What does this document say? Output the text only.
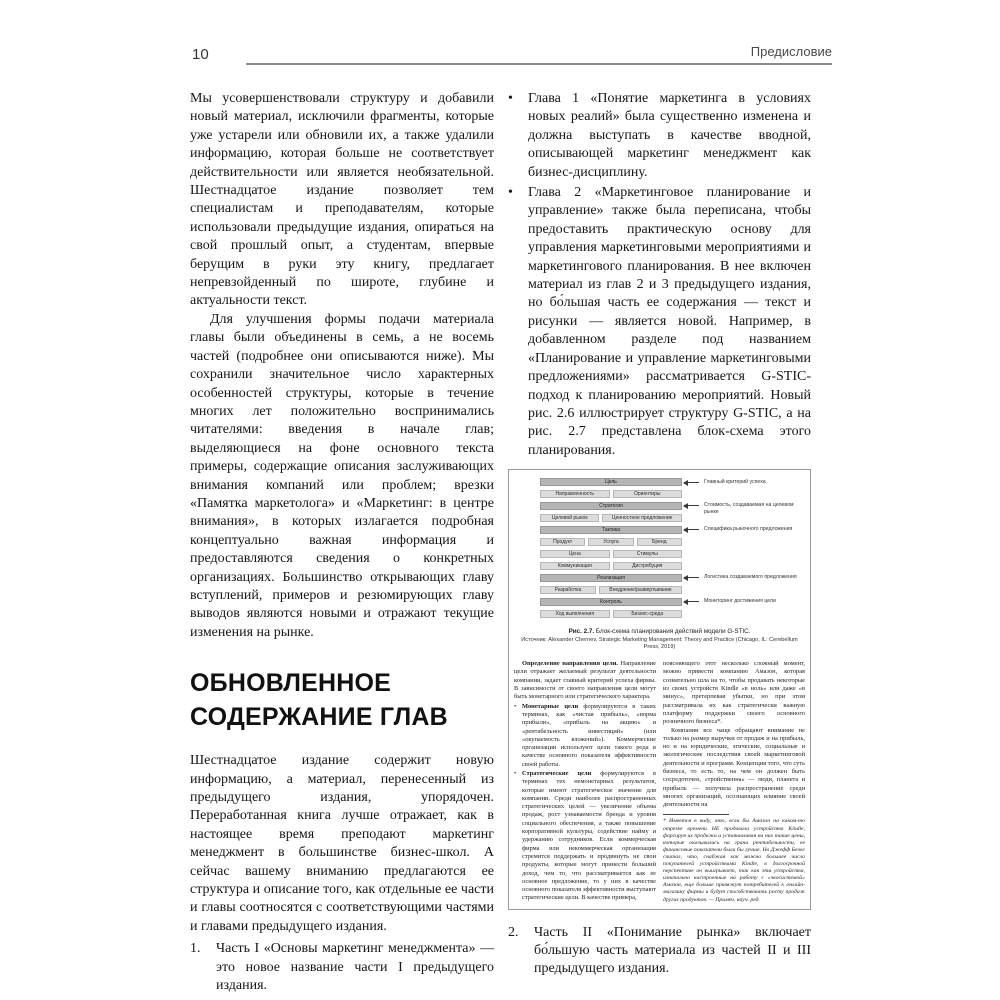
10	Предисловие

Мы усовершенствовали структуру и добавили новый материал, исключили фрагменты, которые уже устарели или обновили их, а также удалили информацию, которая больше не соответствует действительности или является необязательной. Шестнадцатое издание позволяет тем специалистам и преподавателям, которые использовали предыдущие издания, опираться на свой прошлый опыт, а студентам, впервые берущим в руки эту книгу, предлагает непревзойденный по широте, глубине и актуальности текст.

Для улучшения формы подачи материала главы были объединены в семь, а не восемь частей (подробнее они описываются ниже). Мы сохранили значительное число характерных особенностей структуры, которые в течение многих лет положительно воспринимались читателями: введения в начале глав; выделяющиеся на фоне основного текста примеры, содержащие описания заслуживающих внимания компаний или проблем; врезки «Памятка маркетолога» и «Маркетинг: в центре внимания», в которых излагается подробная концептуально важная информация и предоставляются сведения о конкретных организациях. Большинство открывающих главу вступлений, примеров и резюмирующих главу выводов являются новыми и отражают текущие изменения на рынке.

ОБНОВЛЕННОЕ СОДЕРЖАНИЕ ГЛАВ

Шестнадцатое издание содержит новую информацию, а материал, перенесенный из предыдущего издания, упорядочен. Переработанная книга лучше отражает, как в настоящее время преподают маркетинг менеджмент в большинстве бизнес-школ. А сейчас вашему вниманию предлагаются ее структура и описание того, как отдельные ее части и главы соотносятся с соответствующими частями и главами предыдущего издания.

1.	Часть I «Основы маркетинг менеджмента» — это новое название части I предыдущего издания.
•	Глава 1 «Понятие маркетинга в условиях новых реалий» была существенно изменена и должна выступать в качестве вводной, описывающей маркетинг менеджмент как бизнес-дисциплину.
•	Глава 2 «Маркетинговое планирование и управление» также была переписана, чтобы предоставить практическую основу для управления маркетинговыми мероприятиями и маркетингового планирования. В нее включен материал из глав 2 и 3 предыдущего издания, но бо́льшая часть ее содержания — текст и рисунки — является новой. Например, в добавленном разделе под названием «Планирование и управление маркетинговыми предложениями» рассматривается G-STIC-подход к планированию мероприятий. Новый рис. 2.6 иллюстрирует структуру G-STIC, а на рис. 2.7 представлена блок-схема этого планирования.
Цель
Направленность	Ориентиры
Стратегия
Целевой рынок	Ценностное предложение
Тактика
Продукт	Услуга	Бренд
Цена	Стимулы
Коммуникация	Дистрибуция
Реализация
Разработка	Внедрение/развертывание
Контроль
Ход выполнения	Бизнес-среда
Главный критерий успеха
Стоимость, создаваемая на целевом рынке
Специфика рыночного предложения
Логистика создаваемого предложения
Мониторинг достижения цели
Рис. 2.7. Блок-схема планирования действий модели G-STIC.
Источник: Alexander Chernev, Strategic Marketing Management: Theory and Practice (Chicago, IL: Cerebellum Press, 2019)

Определение направления цели. Направление цели отражает желаемый результат деятельности компании, задает главный критерий успеха фирмы. В зависимости от своего направления цели могут быть монетарного или стратегического характера.

• Монетарные цели формулируются в таких терминах, как «чистая прибыль», «норма прибыли», «прибыль на акцию» и «рентабельность инвестиций» (или «окупаемость вложений»). Коммерческие организации используют цели такого рода в качестве основного показателя эффективности своей работы.
• Стратегические цели формулируются в терминах тех немонетарных результатов, которые имеют стратегическое значение для компании. Среди наиболее распространенных стратегических целей — увеличение объема продаж, рост узнаваемости бренда и уровня социального обеспечения, а также повышение корпоративной культуры, содействие найму и удержанию сотрудников. Если коммерческая фирма или некоммерческая организация стремится поддержать и продвинуть не свои продукты, которые могут принести больший доход, чем то, что рассматривается как ее основное предложение, то у них в качестве основного показателя эффективности выступают стратегические цели. В качестве примера,

поясняющего этот несколько сложный момент, можно привести компанию Амазон, которая сознательно шла на то, чтобы продавать некоторые из своих устройств Kindle «в ноль» или даже «в минус», претерпевая убытки, но при этом рассматривала их как стратегически важную платформу поддержки своего основного розничного бизнеса*.

Компании все чаще обращают внимание не только на размер выручки от продаж и на прибыль, но и на юридические, этические, социальные и экологические последствия своей маркетинговой деятельности и программ. Концепция того, что суть бизнеса, то есть то, на чем он должен быть сосредоточен, «тройственна» — люди, планета и прибыль — получила распространение среди многих организаций, осознающих влияние своей деятельности на

* Имеется в виду, что, если бы Амазон на каком-то отрезке времени НЕ продавала устройства Kindle, форсируя их продажи и устанавливая на них такие цены, которые оказывались на грани рентабельности, ее финансовые показатели были бы лучше. Но Джефф Безос считал, что, снабжая как можно большее число покупателей устройствами Kindle, в долгосрочной перспективе он выигрывает, так как эти устройства, изначально настроенные на работу с «экосистемой» Амазон, еще больше привяжут потребителей к онлайн-магазину фирмы и будут способствовать росту продаж других продуктов. — Примеч. науч. ред.
2.	Часть II «Понимание рынка» включает бо́льшую часть материала из частей II и III предыдущего издания.
